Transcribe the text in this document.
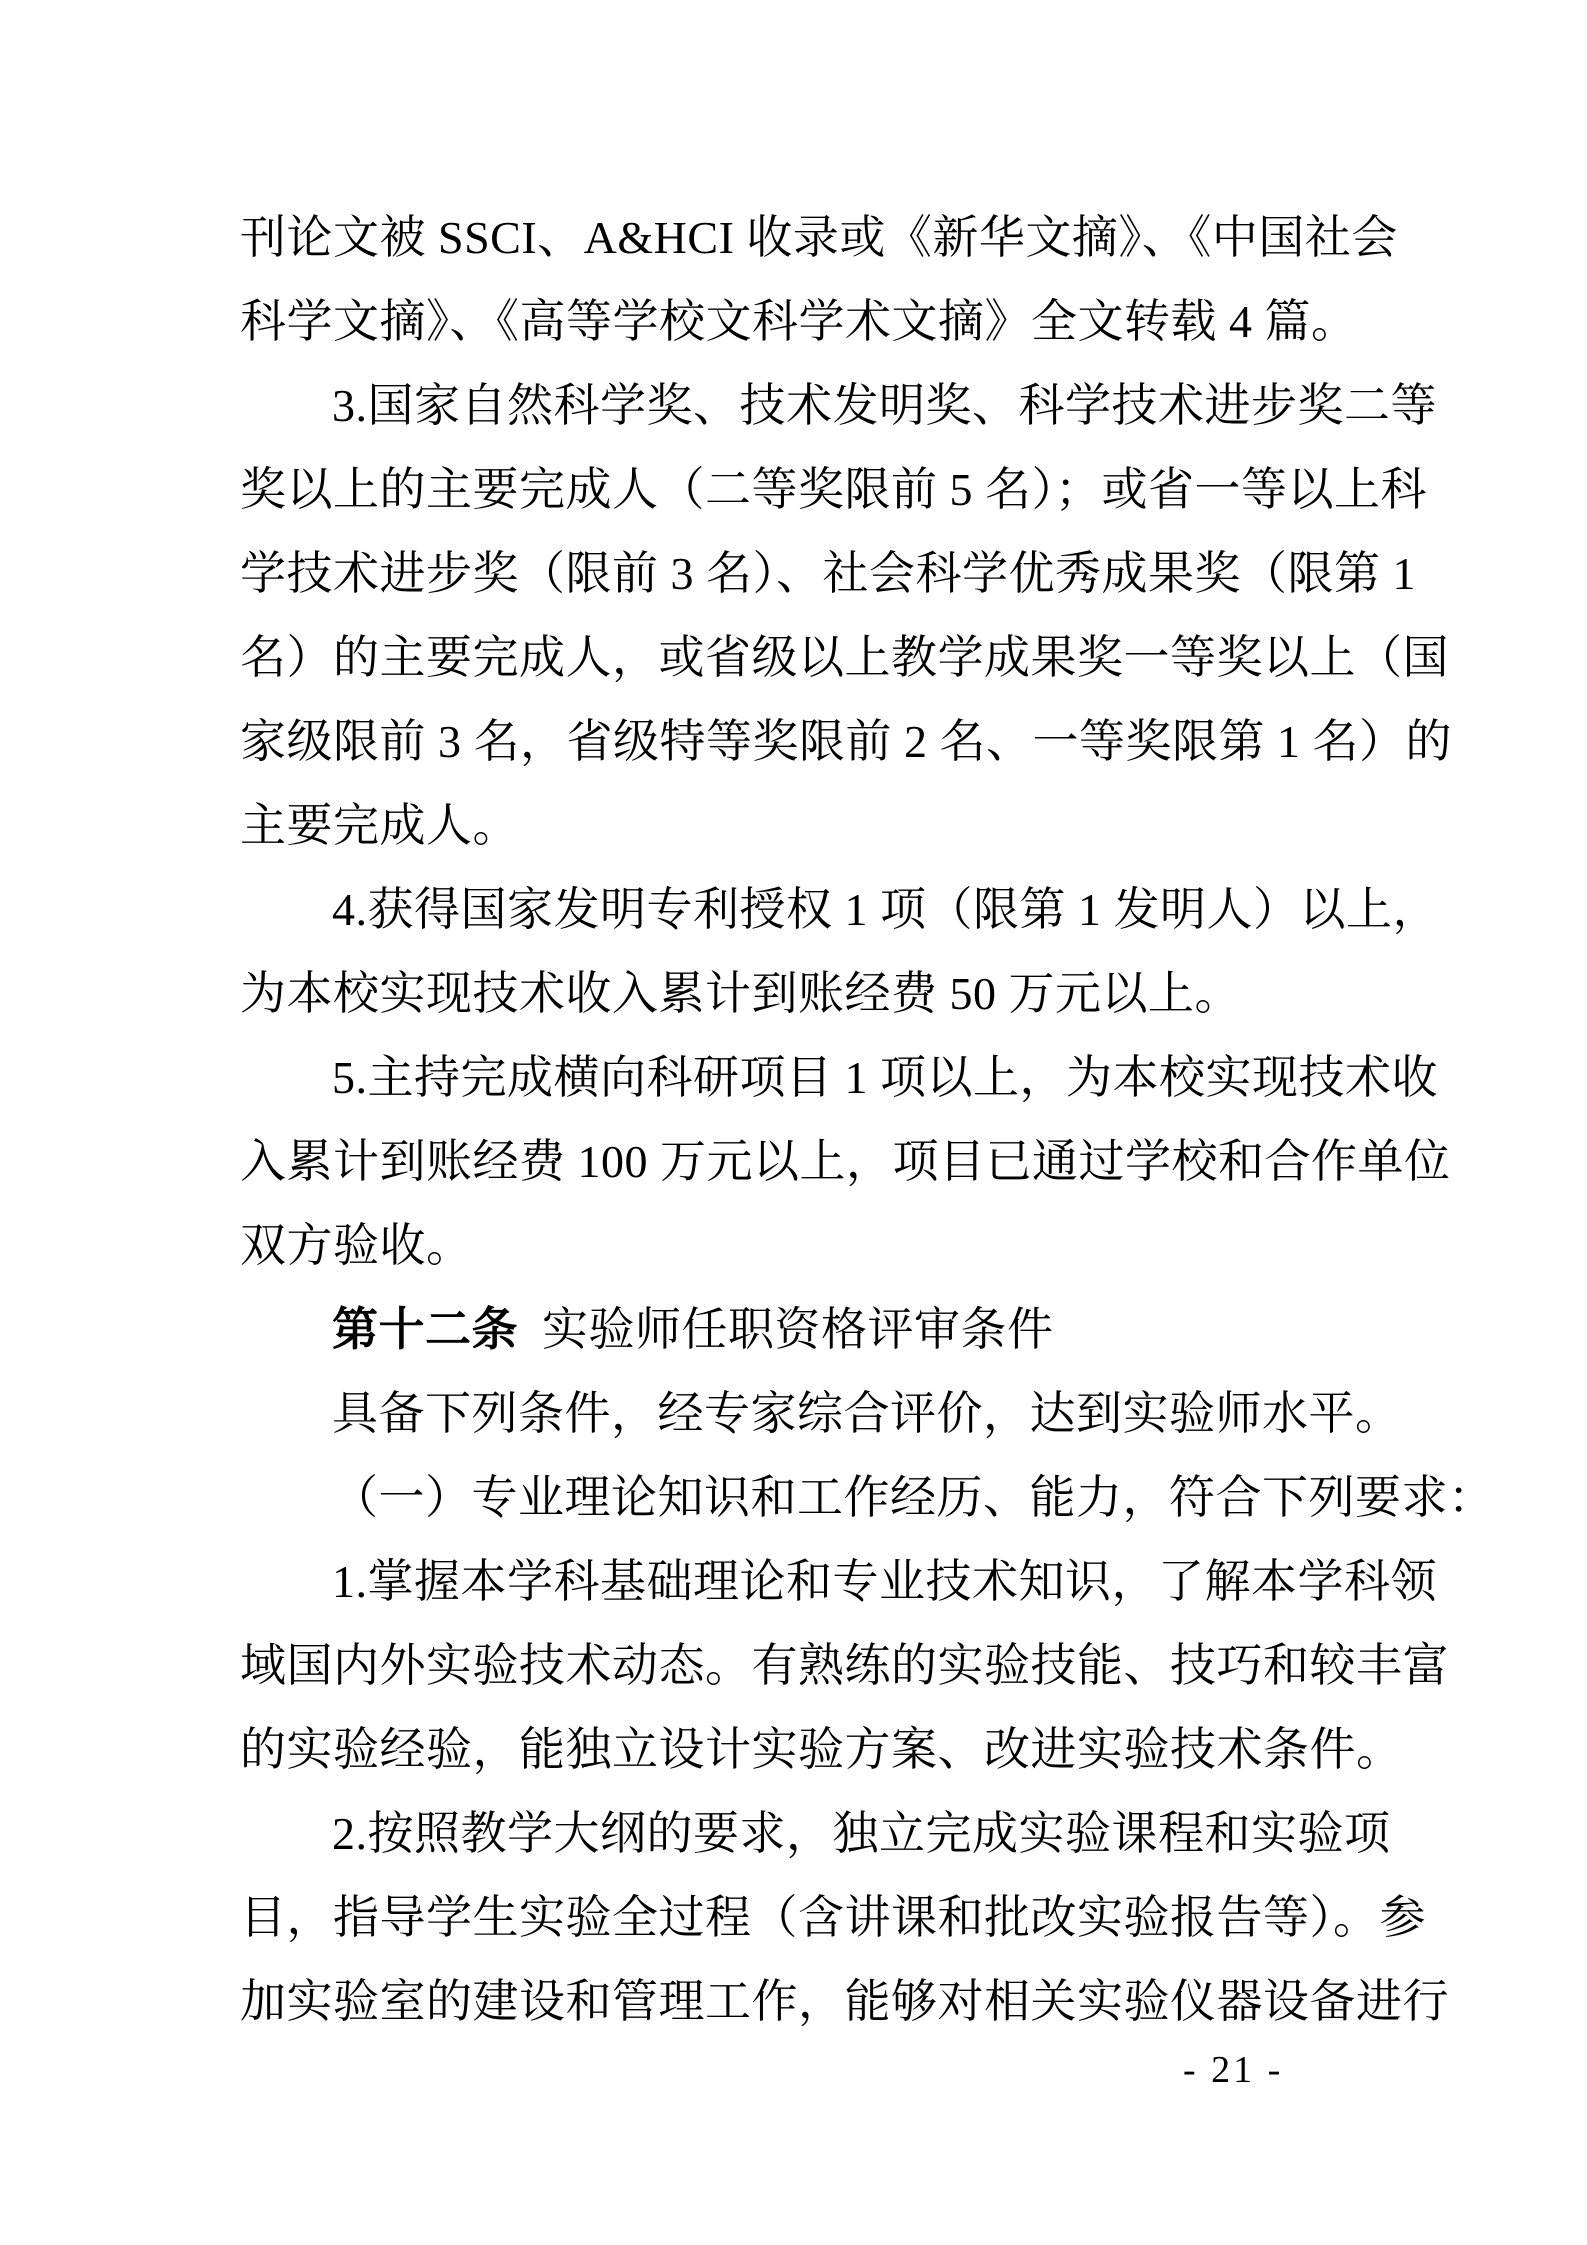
刊论文被 SSCI、A&HCI 收录或《新华文摘》、《中国社会
科学文摘》、《高等学校文科学术文摘》全文转载 4 篇。
3.国家自然科学奖、技术发明奖、科学技术进步奖二等
奖以上的主要完成人（二等奖限前 5 名）；或省一等以上科
学技术进步奖（限前 3 名）、社会科学优秀成果奖（限第 1
名）的主要完成人，或省级以上教学成果奖一等奖以上（国
家级限前 3 名，省级特等奖限前 2 名、一等奖限第 1 名）的
主要完成人。
4.获得国家发明专利授权 1 项（限第 1 发明人）以上，
为本校实现技术收入累计到账经费 50 万元以上。
5.主持完成横向科研项目 1 项以上，为本校实现技术收
入累计到账经费 100 万元以上，项目已通过学校和合作单位
双方验收。
第十二条 实验师任职资格评审条件
具备下列条件，经专家综合评价，达到实验师水平。
（一）专业理论知识和工作经历、能力，符合下列要求：
1.掌握本学科基础理论和专业技术知识，了解本学科领
域国内外实验技术动态。有熟练的实验技能、技巧和较丰富
的实验经验，能独立设计实验方案、改进实验技术条件。
2.按照教学大纲的要求，独立完成实验课程和实验项
目，指导学生实验全过程（含讲课和批改实验报告等）。参
加实验室的建设和管理工作，能够对相关实验仪器设备进行
- 21 -
